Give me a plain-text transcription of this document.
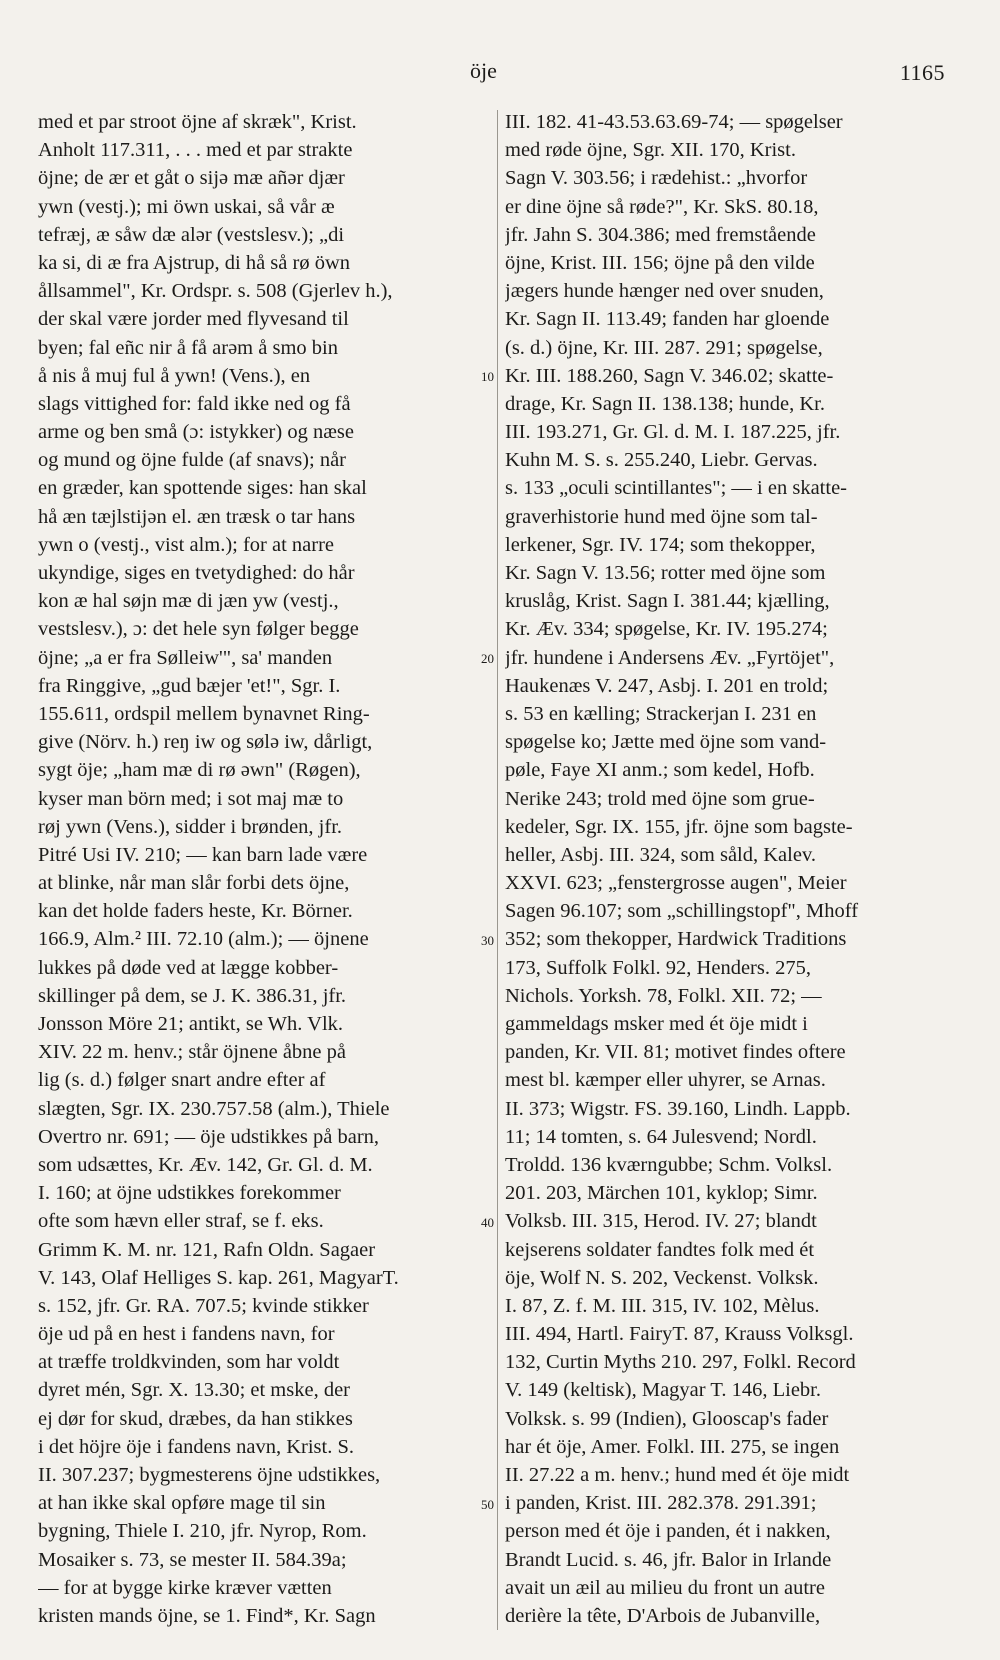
öje	1165
med et par stroot öjne af skræk", Krist.
Anholt 117.311, . . . med et par strakte
öjne; de ær et gåt o sijə mæ añər djær
ywn (vestj.); mi öwn uskai, så vår æ
tefræj, æ såw dæ alər (vestslesv.); „di
ka si, di æ fra Ajstrup, di hå så rø öwn
ållsammel", Kr. Ordspr. s. 508 (Gjerlev h.),
der skal være jorder med flyvesand til
byen; fal eñc nir å få arəm å smo bin
å nis å muj ful å ywn! (Vens.), en
slags vittighed for: fald ikke ned og få
arme og ben små (ɔ: istykker) og næse
og mund og öjne fulde (af snavs); når
en græder, kan spottende siges: han skal
hå æn tæjlstijən el. æn træsk o tar hans
ywn o (vestj., vist alm.); for at narre
ukyndige, siges en tvetydighed: do hår
kon æ hal søjn mæ di jæn yw (vestj.,
vestslesv.), ɔ: det hele syn følger begge
öjne; „a er fra Sølleiw'", sa' manden
fra Ringgive, „gud bæjer 'et!", Sgr. I.
155.611, ordspil mellem bynavnet Ring-
give (Nörv. h.) reŋ iw og sølə iw, dårligt,
sygt öje; „ham mæ di rø əwn" (Røgen),
kyser man börn med; i sot maj mæ to
røj ywn (Vens.), sidder i brønden, jfr.
Pitré Usi IV. 210; — kan barn lade være
at blinke, når man slår forbi dets öjne,
kan det holde faders heste, Kr. Börner.
166.9, Alm.² III. 72.10 (alm.); — öjnene
lukkes på døde ved at lægge kobber-
skillinger på dem, se J. K. 386.31, jfr.
Jonsson Möre 21; antikt, se Wh. Vlk.
XIV. 22 m. henv.; står öjnene åbne på
lig (s. d.) følger snart andre efter af
slægten, Sgr. IX. 230.757.58 (alm.), Thiele
Overtro nr. 691; — öje udstikkes på barn,
som udsættes, Kr. Æv. 142, Gr. Gl. d. M.
I. 160; at öjne udstikkes forekommer
ofte som hævn eller straf, se f. eks.
Grimm K. M. nr. 121, Rafn Oldn. Sagaer
V. 143, Olaf Helliges S. kap. 261, MagyarT.
s. 152, jfr. Gr. RA. 707.5; kvinde stikker
öje ud på en hest i fandens navn, for
at træffe troldkvinden, som har voldt
dyret mén, Sgr. X. 13.30; et mske, der
ej dør for skud, dræbes, da han stikkes
i det höjre öje i fandens navn, Krist. S.
II. 307.237; bygmesterens öjne udstikkes,
at han ikke skal opføre mage til sin
bygning, Thiele I. 210, jfr. Nyrop, Rom.
Mosaiker s. 73, se mester II. 584.39a;
— for at bygge kirke kræver vætten
kristen mands öjne, se 1. Find*, Kr. Sagn
III. 182. 41-43.53.63.69-74; — spøgelser
med røde öjne, Sgr. XII. 170, Krist.
Sagn V. 303.56; i rædehist.: „hvorfor
er dine öjne så røde?", Kr. SkS. 80.18,
jfr. Jahn S. 304.386; med fremstående
öjne, Krist. III. 156; öjne på den vilde
jægers hunde hænger ned over snuden,
Kr. Sagn II. 113.49; fanden har gloende
(s. d.) öjne, Kr. III. 287. 291; spøgelse,
Kr. III. 188.260, Sagn V. 346.02; skatte-
drage, Kr. Sagn II. 138.138; hunde, Kr.
III. 193.271, Gr. Gl. d. M. I. 187.225, jfr.
Kuhn M. S. s. 255.240, Liebr. Gervas.
s. 133 „oculi scintillantes"; — i en skatte-
graverhistorie hund med öjne som tal-
lerkener, Sgr. IV. 174; som thekopper,
Kr. Sagn V. 13.56; rotter med öjne som
kruslåg, Krist. Sagn I. 381.44; kjælling,
Kr. Æv. 334; spøgelse, Kr. IV. 195.274;
jfr. hundene i Andersens Æv. „Fyrtöjet",
Haukenæs V. 247, Asbj. I. 201 en trold;
s. 53 en kælling; Strackerjan I. 231 en
spøgelse ko; Jætte med öjne som vand-
pøle, Faye XI anm.; som kedel, Hofb.
Nerike 243; trold med öjne som grue-
kedeler, Sgr. IX. 155, jfr. öjne som bagste-
heller, Asbj. III. 324, som såld, Kalev.
XXVI. 623; „fenstergrosse augen", Meier
Sagen 96.107; som „schillingstopf", Mhoff
352; som thekopper, Hardwick Traditions
173, Suffolk Folkl. 92, Henders. 275,
Nichols. Yorksh. 78, Folkl. XII. 72; —
gammeldags msker med ét öje midt i
panden, Kr. VII. 81; motivet findes oftere
mest bl. kæmper eller uhyrer, se Arnas.
II. 373; Wigstr. FS. 39.160, Lindh. Lappb.
11; 14 tomten, s. 64 Julesvend; Nordl.
Troldd. 136 kværngubbe; Schm. Volksl.
201. 203, Märchen 101, kyklop; Simr.
Volksb. III. 315, Herod. IV. 27; blandt
kejserens soldater fandtes folk med ét
öje, Wolf N. S. 202, Veckenst. Volksk.
I. 87, Z. f. M. III. 315, IV. 102, Mèlus.
III. 494, Hartl. FairyT. 87, Krauss Volksgl.
132, Curtin Myths 210. 297, Folkl. Record
V. 149 (keltisk), Magyar T. 146, Liebr.
Volksk. s. 99 (Indien), Glooscap's fader
har ét öje, Amer. Folkl. III. 275, se ingen
II. 27.22 a m. henv.; hund med ét öje midt
i panden, Krist. III. 282.378. 291.391;
person med ét öje i panden, ét i nakken,
Brandt Lucid. s. 46, jfr. Balor in Irlande
avait un æil au milieu du front un autre
derière la tête, D'Arbois de Jubanville,
10
20
30
40
50
